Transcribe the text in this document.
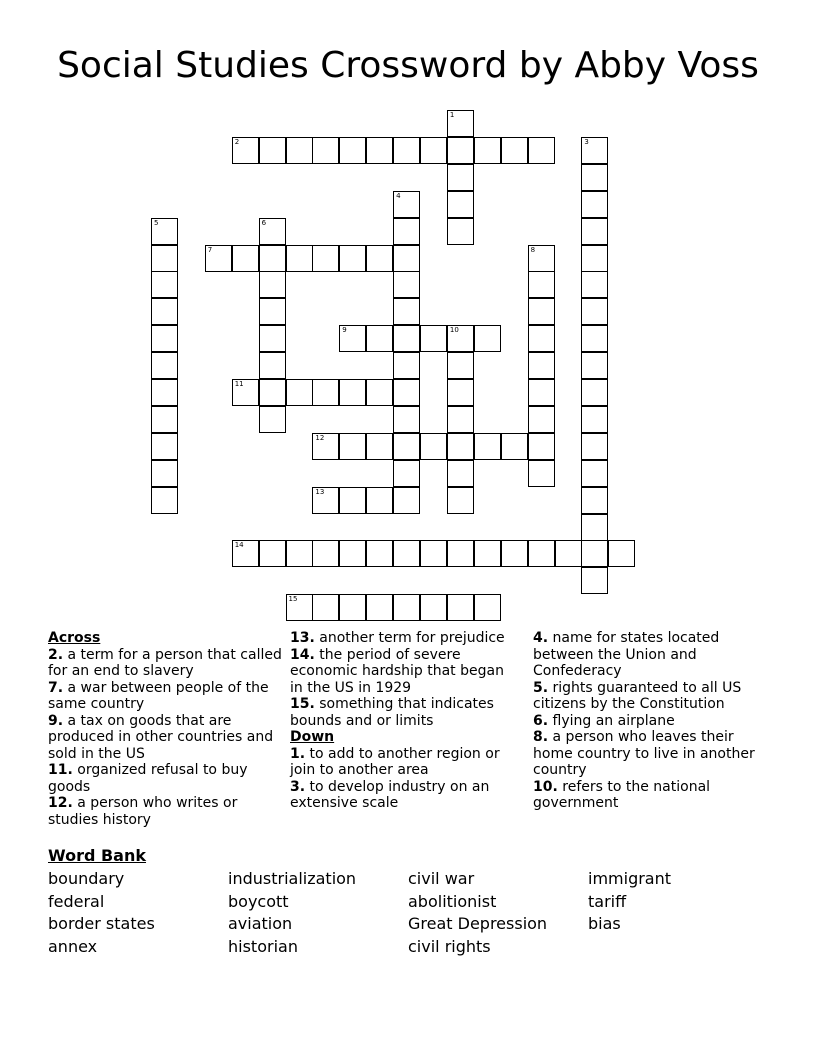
Social Studies Crossword by Abby Voss
1
2	3
4
5	6
7	8
9	10
11
12
13
14
15
Across
2. a term for a person that called for an end to slavery
7. a war between people of the same country
9. a tax on goods that are produced in other countries and sold in the US
11. organized refusal to buy goods
12. a person who writes or studies history
13. another term for prejudice
14. the period of severe economic hardship that began in the US in 1929
15. something that indicates bounds and or limits
Down
1. to add to another region or join to another area
3. to develop industry on an extensive scale
4. name for states located between the Union and Confederacy
5. rights guaranteed to all US citizens by the Constitution
6. flying an airplane
8. a person who leaves their home country to live in another country
10. refers to the national government
Word Bank
boundary
federal
border states
annex
industrialization
boycott
aviation
historian
civil war
abolitionist
Great Depression
civil rights
immigrant
tariff
bias
